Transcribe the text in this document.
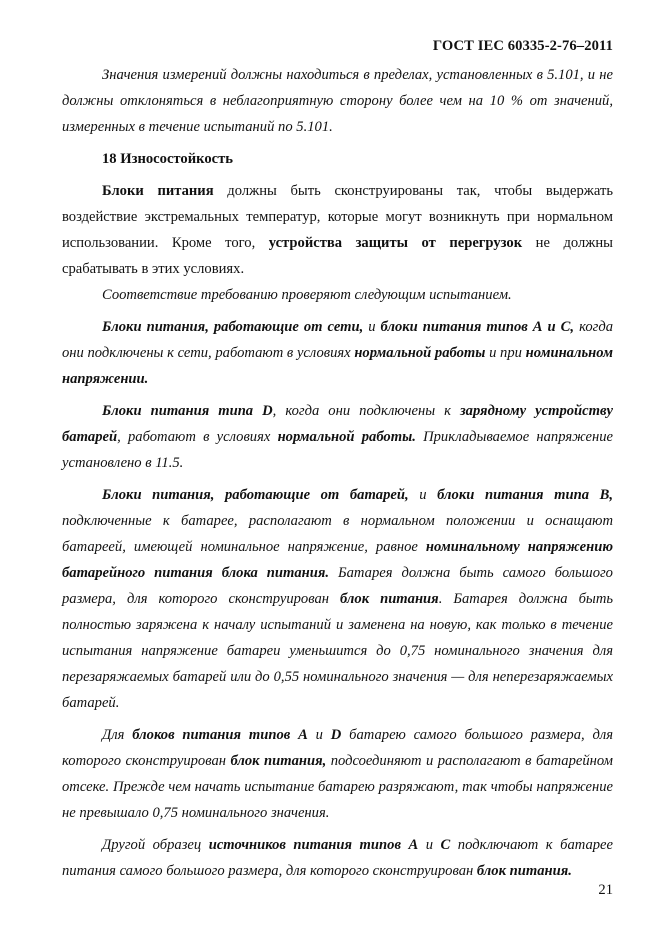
ГОСТ IEC 60335-2-76–2011

Значения измерений должны находиться в пределах, установленных в 5.101, и не должны отклоняться в неблагоприятную сторону более чем на 10 % от значений, измеренных в течение испытаний по 5.101.

18 Износостойкость

Блоки питания должны быть сконструированы так, чтобы выдержать воздействие экстремальных температур, которые могут возникнуть при нормальном использовании. Кроме того, устройства защиты от перегрузок не должны срабатывать в этих условиях.

Соответствие требованию проверяют следующим испытанием.

Блоки питания, работающие от сети, и блоки питания типов А и С, когда они подключены к сети, работают в условиях нормальной работы и при номинальном напряжении.

Блоки питания типа D, когда они подключены к зарядному устройству батарей, работают в условиях нормальной работы. Прикладываемое напряжение установлено в 11.5.

Блоки питания, работающие от батарей, и блоки питания типа В, подключенные к батарее, располагают в нормальном положении и оснащают батареей, имеющей номинальное напряжение, равное номинальному напряжению батарейного питания блока питания. Батарея должна быть самого большого размера, для которого сконструирован блок питания. Батарея должна быть полностью заряжена к началу испытаний и заменена на новую, как только в течение испытания напряжение батареи уменьшится до 0,75 номинального значения для перезаряжаемых батарей или до 0,55 номинального значения — для неперезаряжаемых батарей.

Для блоков питания типов А и D батарею самого большого размера, для которого сконструирован блок питания, подсоединяют и располагают в батарейном отсеке. Прежде чем начать испытание батарею разряжают, так чтобы напряжение не превышало 0,75 номинального значения.

Другой образец источников питания типов А и С подключают к батарее питания самого большого размера, для которого сконструирован блок питания.

21
